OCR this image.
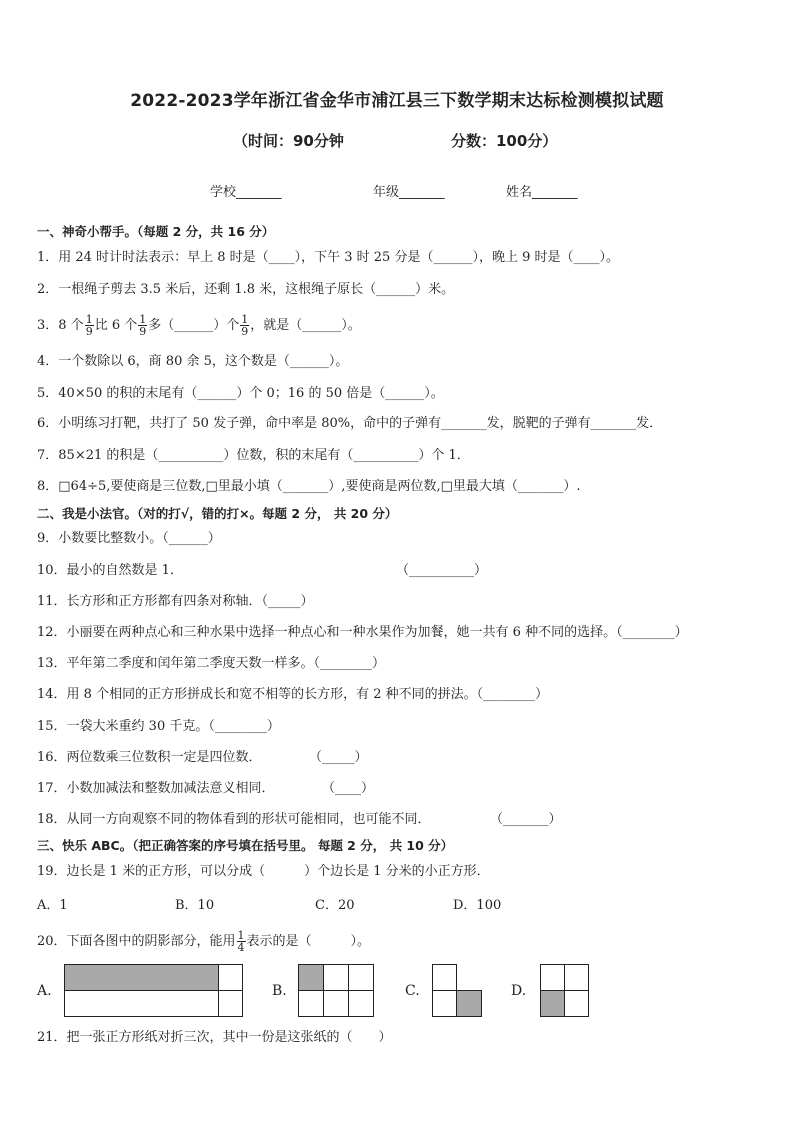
2022-2023学年浙江省金华市浦江县三下数学期末达标检测模拟试题
（时间：90分钟	分数：100分）
学校_______	年级_______	姓名_______
一、神奇小帮手。（每题 2 分，共 16 分）
1．用 24 时计时法表示：早上 8 时是（____），下午 3 时 25 分是（______），晚上 9 时是（____）。
2．一根绳子剪去 3.5 米后，还剩 1.8 米，这根绳子原长（______）米。
3．8 个 $\frac{1}{9}$ 比 6 个 $\frac{1}{9}$ 多（______）个 $\frac{1}{9}$ ，就是（______）。
4．一个数除以 6，商 80 余 5，这个数是（______）。
5．40×50 的积的末尾有（______）个 0；16 的 50 倍是（______）。
6．小明练习打靶，共打了 50 发子弹，命中率是 80%，命中的子弹有_______发，脱靶的子弹有_______发．
7．85×21 的积是（__________）位数，积的末尾有（__________）个 1．
8．□64÷5,要使商是三位数,□里最小填（_______）,要使商是两位数,□里最大填（_______）.
二、我是小法官。（对的打√，错的打×。每题 2 分， 共 20 分）
9．小数要比整数小。（______）
10．最小的自然数是 1．	（__________）
11．长方形和正方形都有四条对称轴．（_____）
12．小丽要在两种点心和三种水果中选择一种点心和一种水果作为加餐，她一共有 6 种不同的选择。（________）
13．平年第二季度和闰年第二季度天数一样多。（________）
14．用 8 个相同的正方形拼成长和宽不相等的长方形，有 2 种不同的拼法。（________）
15．一袋大米重约 30 千克。（________）
16．两位数乘三位数积一定是四位数．	（_____）
17．小数加减法和整数加减法意义相同．	（____）
18．从同一方向观察不同的物体看到的形状可能相同，也可能不同．	（_______）
三、快乐 ABC。（把正确答案的序号填在括号里。 每题 2 分， 共 10 分）
19．边长是 1 米的正方形，可以分成（　　　）个边长是 1 分米的小正方形．
A．1	B．10	C．20	D．100
20．下面各图中的阴影部分，能用 $\frac{1}{4}$ 表示的是（　　　）。
A.	B.	C.	D.
21．把一张正方形纸对折三次，其中一份是这张纸的（　　）
